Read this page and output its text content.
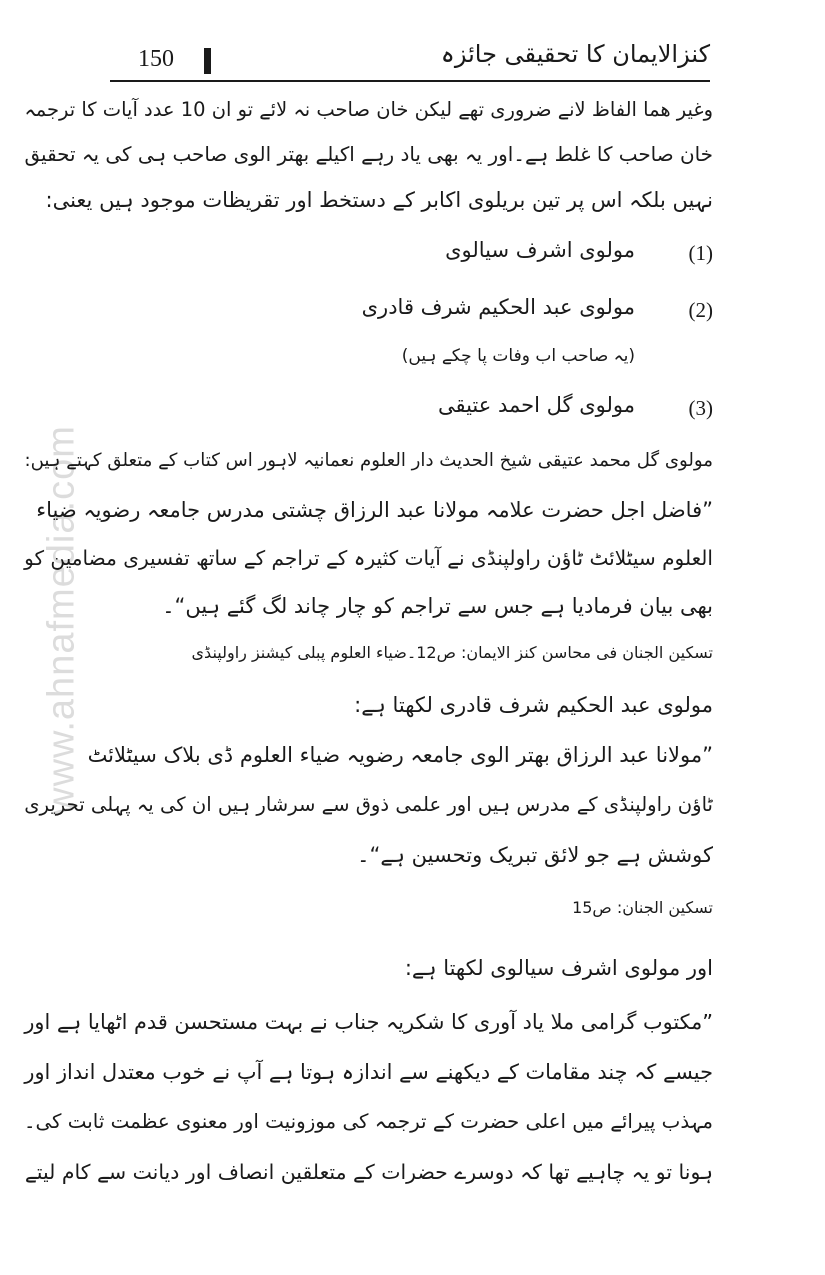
www.ahnafmedia.com
150	کنزالایمان کا تحقیقی جائزہ
وغیر ھما الفاظ لانے ضروری تھے لیکن خان صاحب نہ لائے تو ان 10 عدد آیات کا ترجمہ
خان صاحب کا غلط ہے۔اور یہ بھی یاد رہے اکیلے بھتر الوی صاحب ہی کی یہ تحقیق
نہیں بلکہ اس پر تین بریلوی اکابر کے دستخط اور تقریظات موجود ہیں یعنی:
(1)
مولوی اشرف سیالوی
(2)
مولوی عبد الحکیم شرف قادری
(یہ صاحب اب وفات پا چکے ہیں)
(3)
مولوی گل احمد عتیقی
مولوی گل محمد عتیقی شیخ الحدیث دار العلوم نعمانیہ لاہور اس کتاب کے متعلق کہتے ہیں:
”فاضل اجل حضرت علامہ مولانا عبد الرزاق چشتی مدرس جامعہ رضویہ ضیاء
العلوم سیٹلائٹ ٹاؤن راولپنڈی نے آیات کثیرہ کے تراجم کے ساتھ تفسیری مضامین کو
بھی بیان فرمادیا ہے جس سے تراجم کو چار چاند لگ گئے ہیں“۔
تسکین الجنان فی محاسن کنز الایمان: ص12۔ضیاء العلوم پبلی کیشنز راولپنڈی
مولوی عبد الحکیم شرف قادری لکھتا ہے:
”مولانا عبد الرزاق بھتر الوی جامعہ رضویہ ضیاء العلوم ڈی بلاک سیٹلائٹ
ٹاؤن راولپنڈی کے مدرس ہیں اور علمی ذوق سے سرشار ہیں ان کی یہ پہلی تحریری
کوشش ہے جو لائق تبریک وتحسین ہے“۔
تسکین الجنان: ص15
اور مولوی اشرف سیالوی لکھتا ہے:
”مکتوب گرامی ملا یاد آوری کا شکریہ جناب نے بہت مستحسن قدم اٹھایا ہے اور
جیسے کہ چند مقامات کے دیکھنے سے اندازہ ہوتا ہے آپ نے خوب معتدل انداز اور
مہذب پیرائے میں اعلی حضرت کے ترجمہ کی موزونیت اور معنوی عظمت ثابت کی۔
ہونا تو یہ چاہیے تھا کہ دوسرے حضرات کے متعلقین انصاف اور دیانت سے کام لیتے
